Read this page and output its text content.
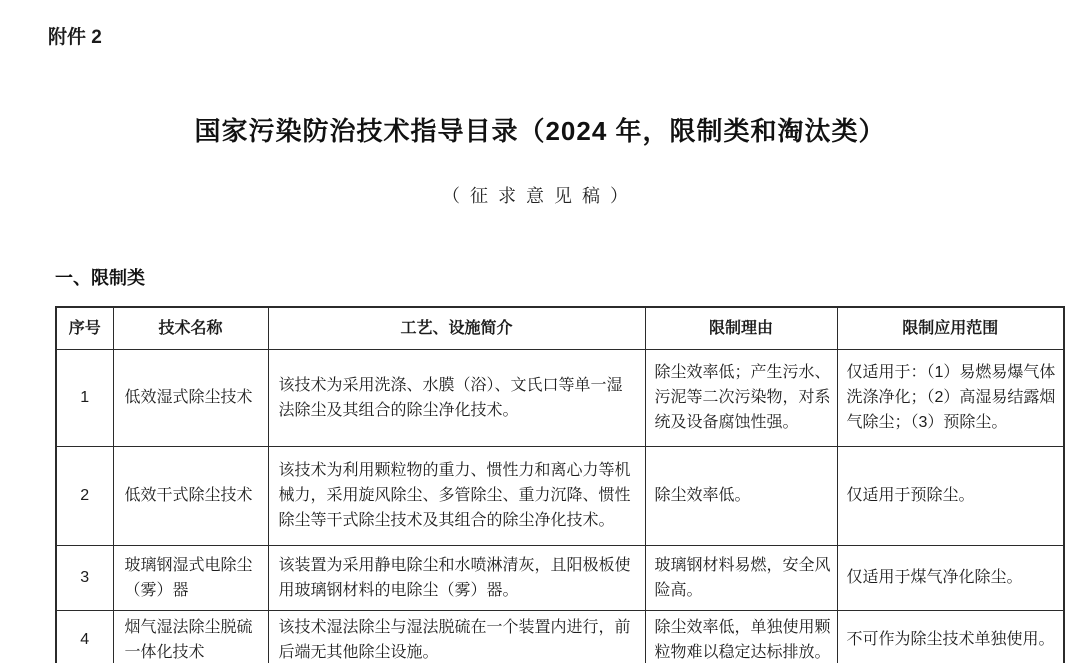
附件 2
国家污染防治技术指导目录（2024 年，限制类和淘汰类）
（征求意见稿）
一、限制类
序号	技术名称	工艺、设施简介	限制理由	限制应用范围
1	低效湿式除尘技术	该技术为采用洗涤、水膜（浴）、文氏口等单一湿法除尘及其组合的除尘净化技术。	除尘效率低；产生污水、污泥等二次污染物，对系统及设备腐蚀性强。	仅适用于：（1）易燃易爆气体洗涤净化；（2）高湿易结露烟气除尘；（3）预除尘。
2	低效干式除尘技术	该技术为利用颗粒物的重力、惯性力和离心力等机械力，采用旋风除尘、多管除尘、重力沉降、惯性除尘等干式除尘技术及其组合的除尘净化技术。	除尘效率低。	仅适用于预除尘。
3	玻璃钢湿式电除尘（雾）器	该装置为采用静电除尘和水喷淋清灰，且阳极板使用玻璃钢材料的电除尘（雾）器。	玻璃钢材料易燃，安全风险高。	仅适用于煤气净化除尘。
4	烟气湿法除尘脱硫一体化技术	该技术湿法除尘与湿法脱硫在一个装置内进行，前后端无其他除尘设施。	除尘效率低，单独使用颗粒物难以稳定达标排放。	不可作为除尘技术单独使用。
